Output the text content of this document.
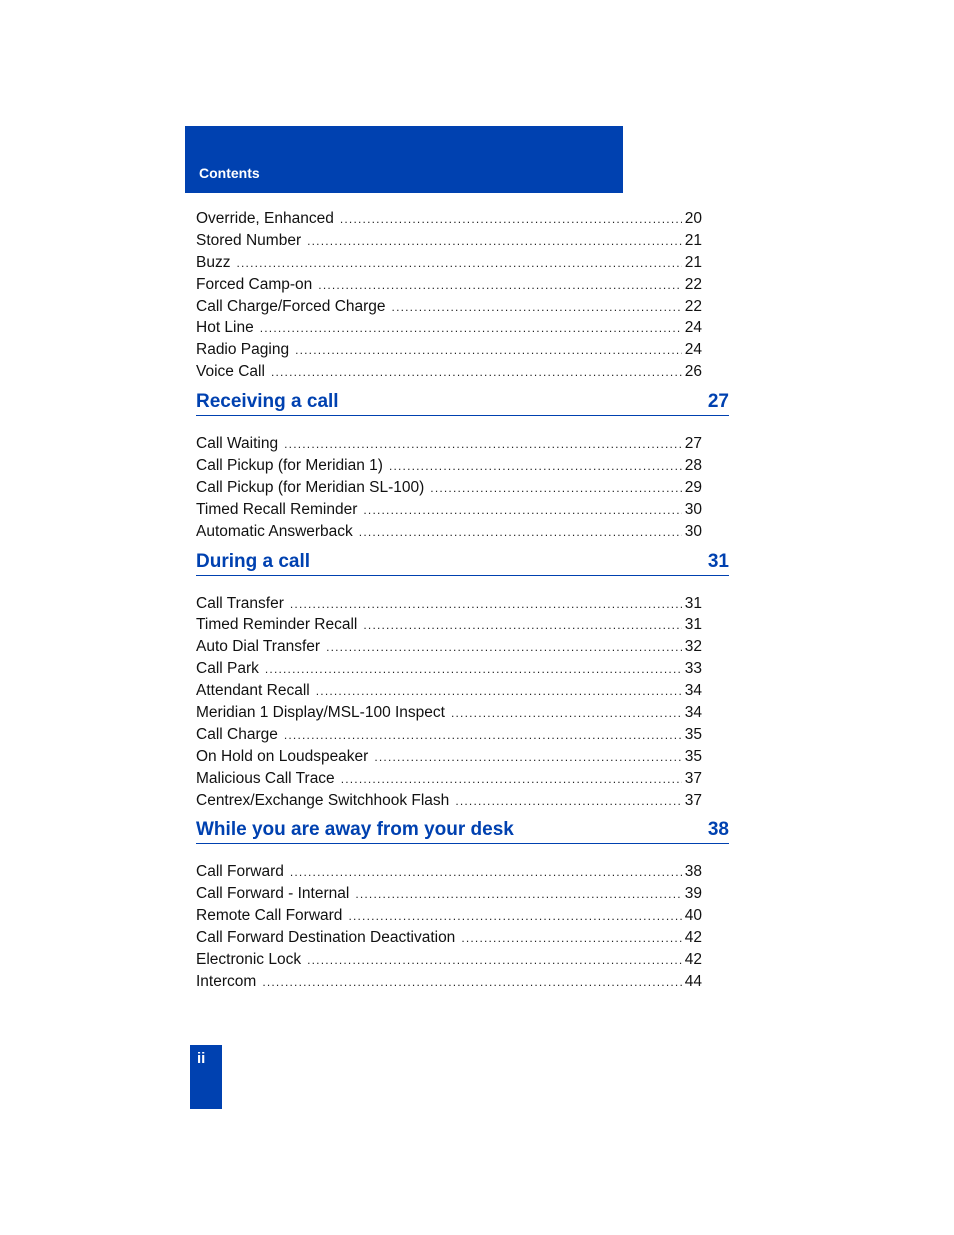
Contents
Override, Enhanced .....	20
Stored Number .....	21
Buzz .....	21
Forced Camp-on .....	22
Call Charge/Forced Charge .....	22
Hot Line .....	24
Radio Paging .....	24
Voice Call .....	26
Receiving a call	27
Call Waiting .....	27
Call Pickup (for Meridian 1) .....	28
Call Pickup (for Meridian SL-100) .....	29
Timed Recall Reminder .....	30
Automatic Answerback .....	30
During a call	31
Call Transfer .....	31
Timed Reminder Recall .....	31
Auto Dial Transfer .....	32
Call Park .....	33
Attendant Recall .....	34
Meridian 1 Display/MSL-100 Inspect .....	34
Call Charge .....	35
On Hold on Loudspeaker .....	35
Malicious Call Trace .....	37
Centrex/Exchange Switchhook Flash .....	37
While you are away from your desk	38
Call Forward .....	38
Call Forward - Internal .....	39
Remote Call Forward .....	40
Call Forward Destination Deactivation .....	42
Electronic Lock .....	42
Intercom .....	44
ii
